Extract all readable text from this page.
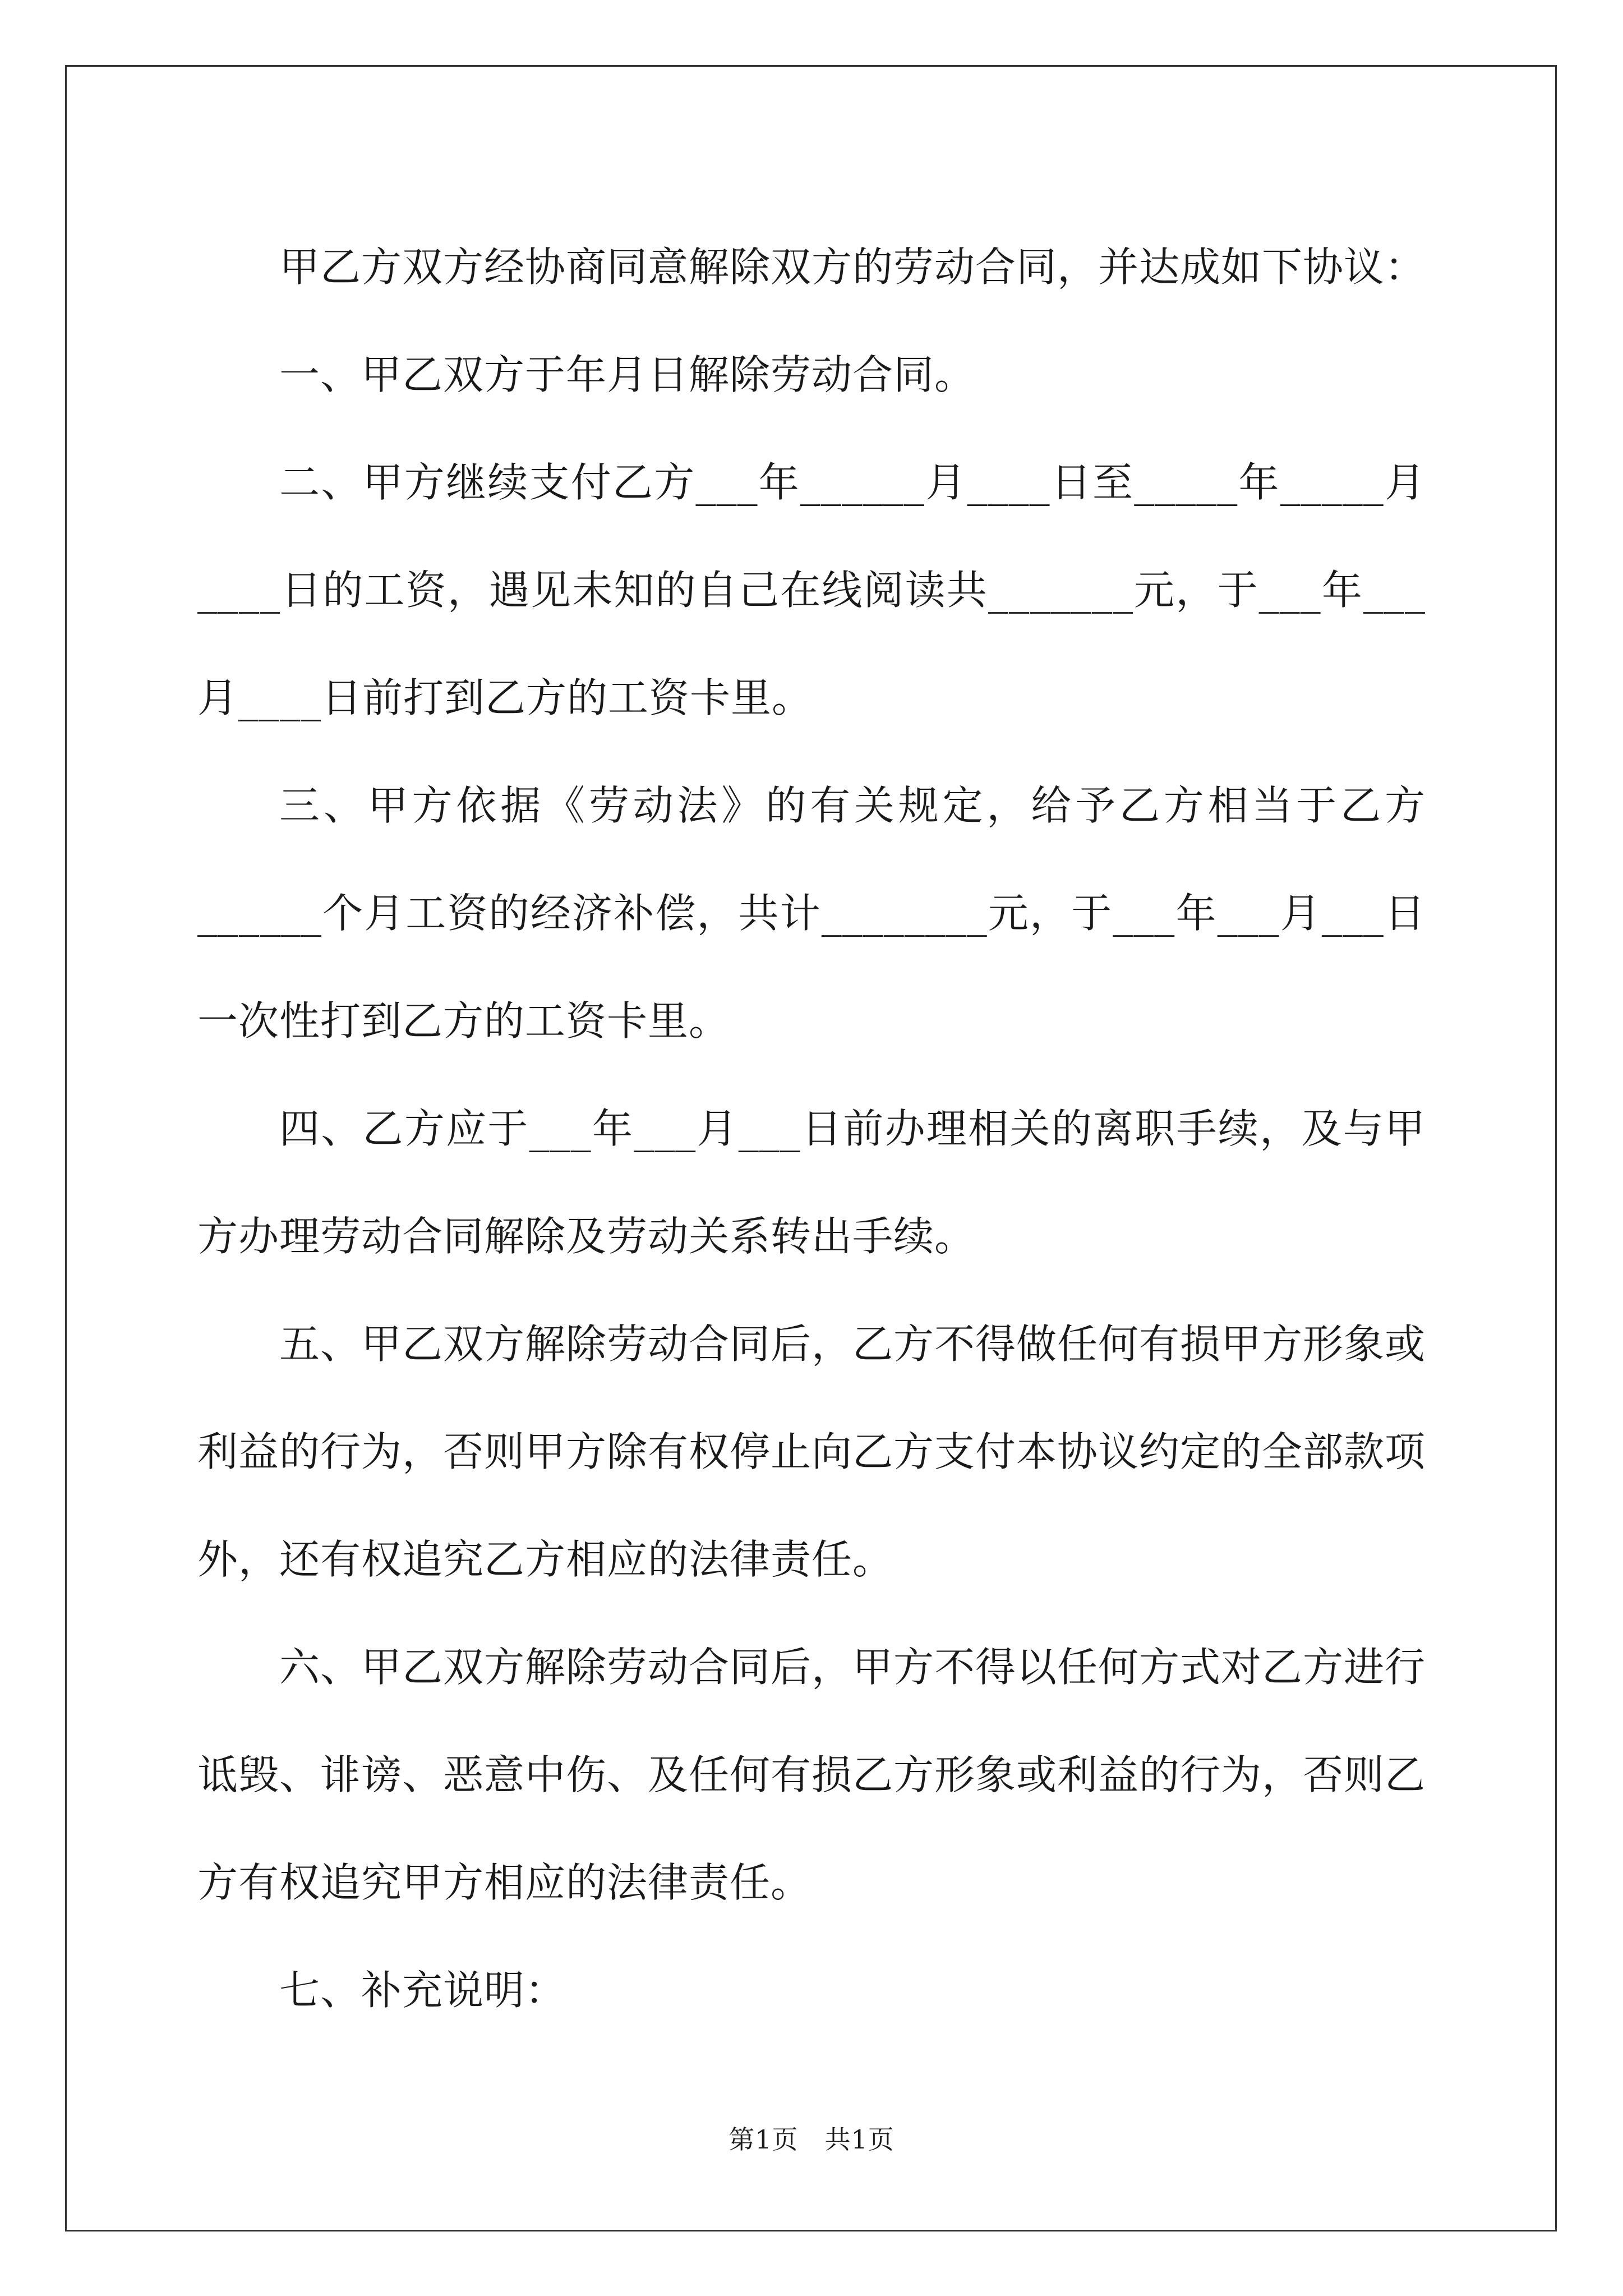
甲乙方双方经协商同意解除双方的劳动合同，并达成如下协议：

一、甲乙双方于年月日解除劳动合同。

二、甲方继续支付乙方___年______月____日至_____年_____月____日的工资，遇见未知的自己在线阅读共_______元，于___年___月____日前打到乙方的工资卡里。

三、甲方依据《劳动法》的有关规定，给予乙方相当于乙方______个月工资的经济补偿，共计________元，于___年___月___日一次性打到乙方的工资卡里。

四、乙方应于___年___月___日前办理相关的离职手续，及与甲方办理劳动合同解除及劳动关系转出手续。

五、甲乙双方解除劳动合同后，乙方不得做任何有损甲方形象或利益的行为，否则甲方除有权停止向乙方支付本协议约定的全部款项外，还有权追究乙方相应的法律责任。

六、甲乙双方解除劳动合同后，甲方不得以任何方式对乙方进行诋毁、诽谤、恶意中伤、及任何有损乙方形象或利益的行为，否则乙方有权追究甲方相应的法律责任。

七、补充说明：

第1页　共1页
